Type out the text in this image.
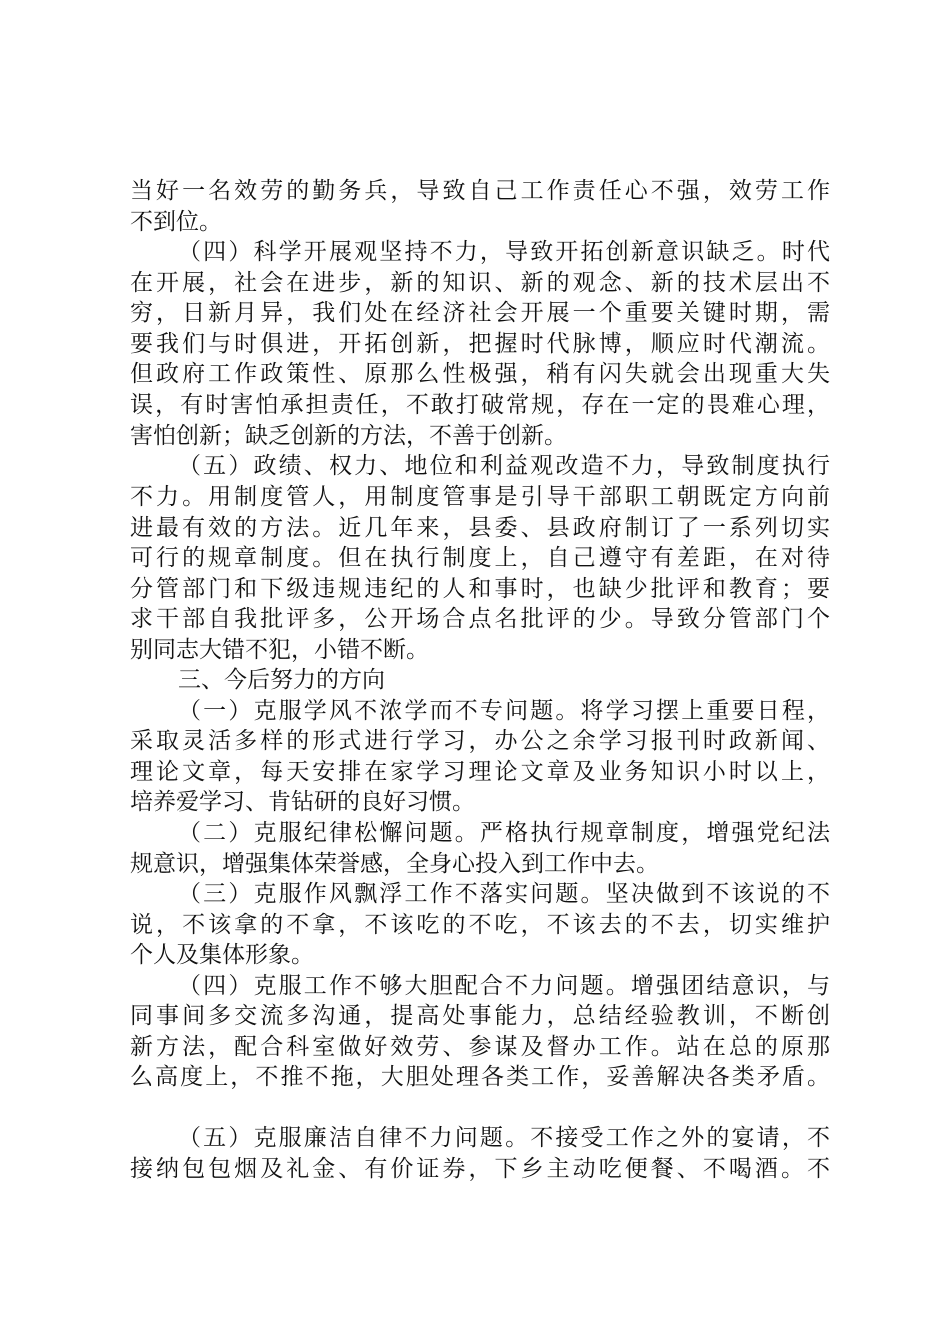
当好一名效劳的勤务兵，导致自己工作责任心不强，效劳工作
不到位。
（四）科学开展观坚持不力，导致开拓创新意识缺乏。时代
在开展，社会在进步，新的知识、新的观念、新的技术层出不
穷，日新月异，我们处在经济社会开展一个重要关键时期，需
要我们与时俱进，开拓创新，把握时代脉博，顺应时代潮流。
但政府工作政策性、原那么性极强，稍有闪失就会出现重大失
误，有时害怕承担责任，不敢打破常规，存在一定的畏难心理，
害怕创新；缺乏创新的方法，不善于创新。
（五）政绩、权力、地位和利益观改造不力，导致制度执行
不力。用制度管人，用制度管事是引导干部职工朝既定方向前
进最有效的方法。近几年来，县委、县政府制订了一系列切实
可行的规章制度。但在执行制度上，自己遵守有差距，在对待
分管部门和下级违规违纪的人和事时，也缺少批评和教育；要
求干部自我批评多，公开场合点名批评的少。导致分管部门个
别同志大错不犯，小错不断。
三、今后努力的方向
（一）克服学风不浓学而不专问题。将学习摆上重要日程，
采取灵活多样的形式进行学习，办公之余学习报刊时政新闻、
理论文章，每天安排在家学习理论文章及业务知识小时以上，
培养爱学习、肯钻研的良好习惯。
（二）克服纪律松懈问题。严格执行规章制度，增强党纪法
规意识，增强集体荣誉感，全身心投入到工作中去。
（三）克服作风飘浮工作不落实问题。坚决做到不该说的不
说，不该拿的不拿，不该吃的不吃，不该去的不去，切实维护
个人及集体形象。
（四）克服工作不够大胆配合不力问题。增强团结意识，与
同事间多交流多沟通，提高处事能力，总结经验教训，不断创
新方法，配合科室做好效劳、参谋及督办工作。站在总的原那
么高度上，不推不拖，大胆处理各类工作，妥善解决各类矛盾。
（五）克服廉洁自律不力问题。不接受工作之外的宴请，不
接纳包包烟及礼金、有价证券，下乡主动吃便餐、不喝酒。不
